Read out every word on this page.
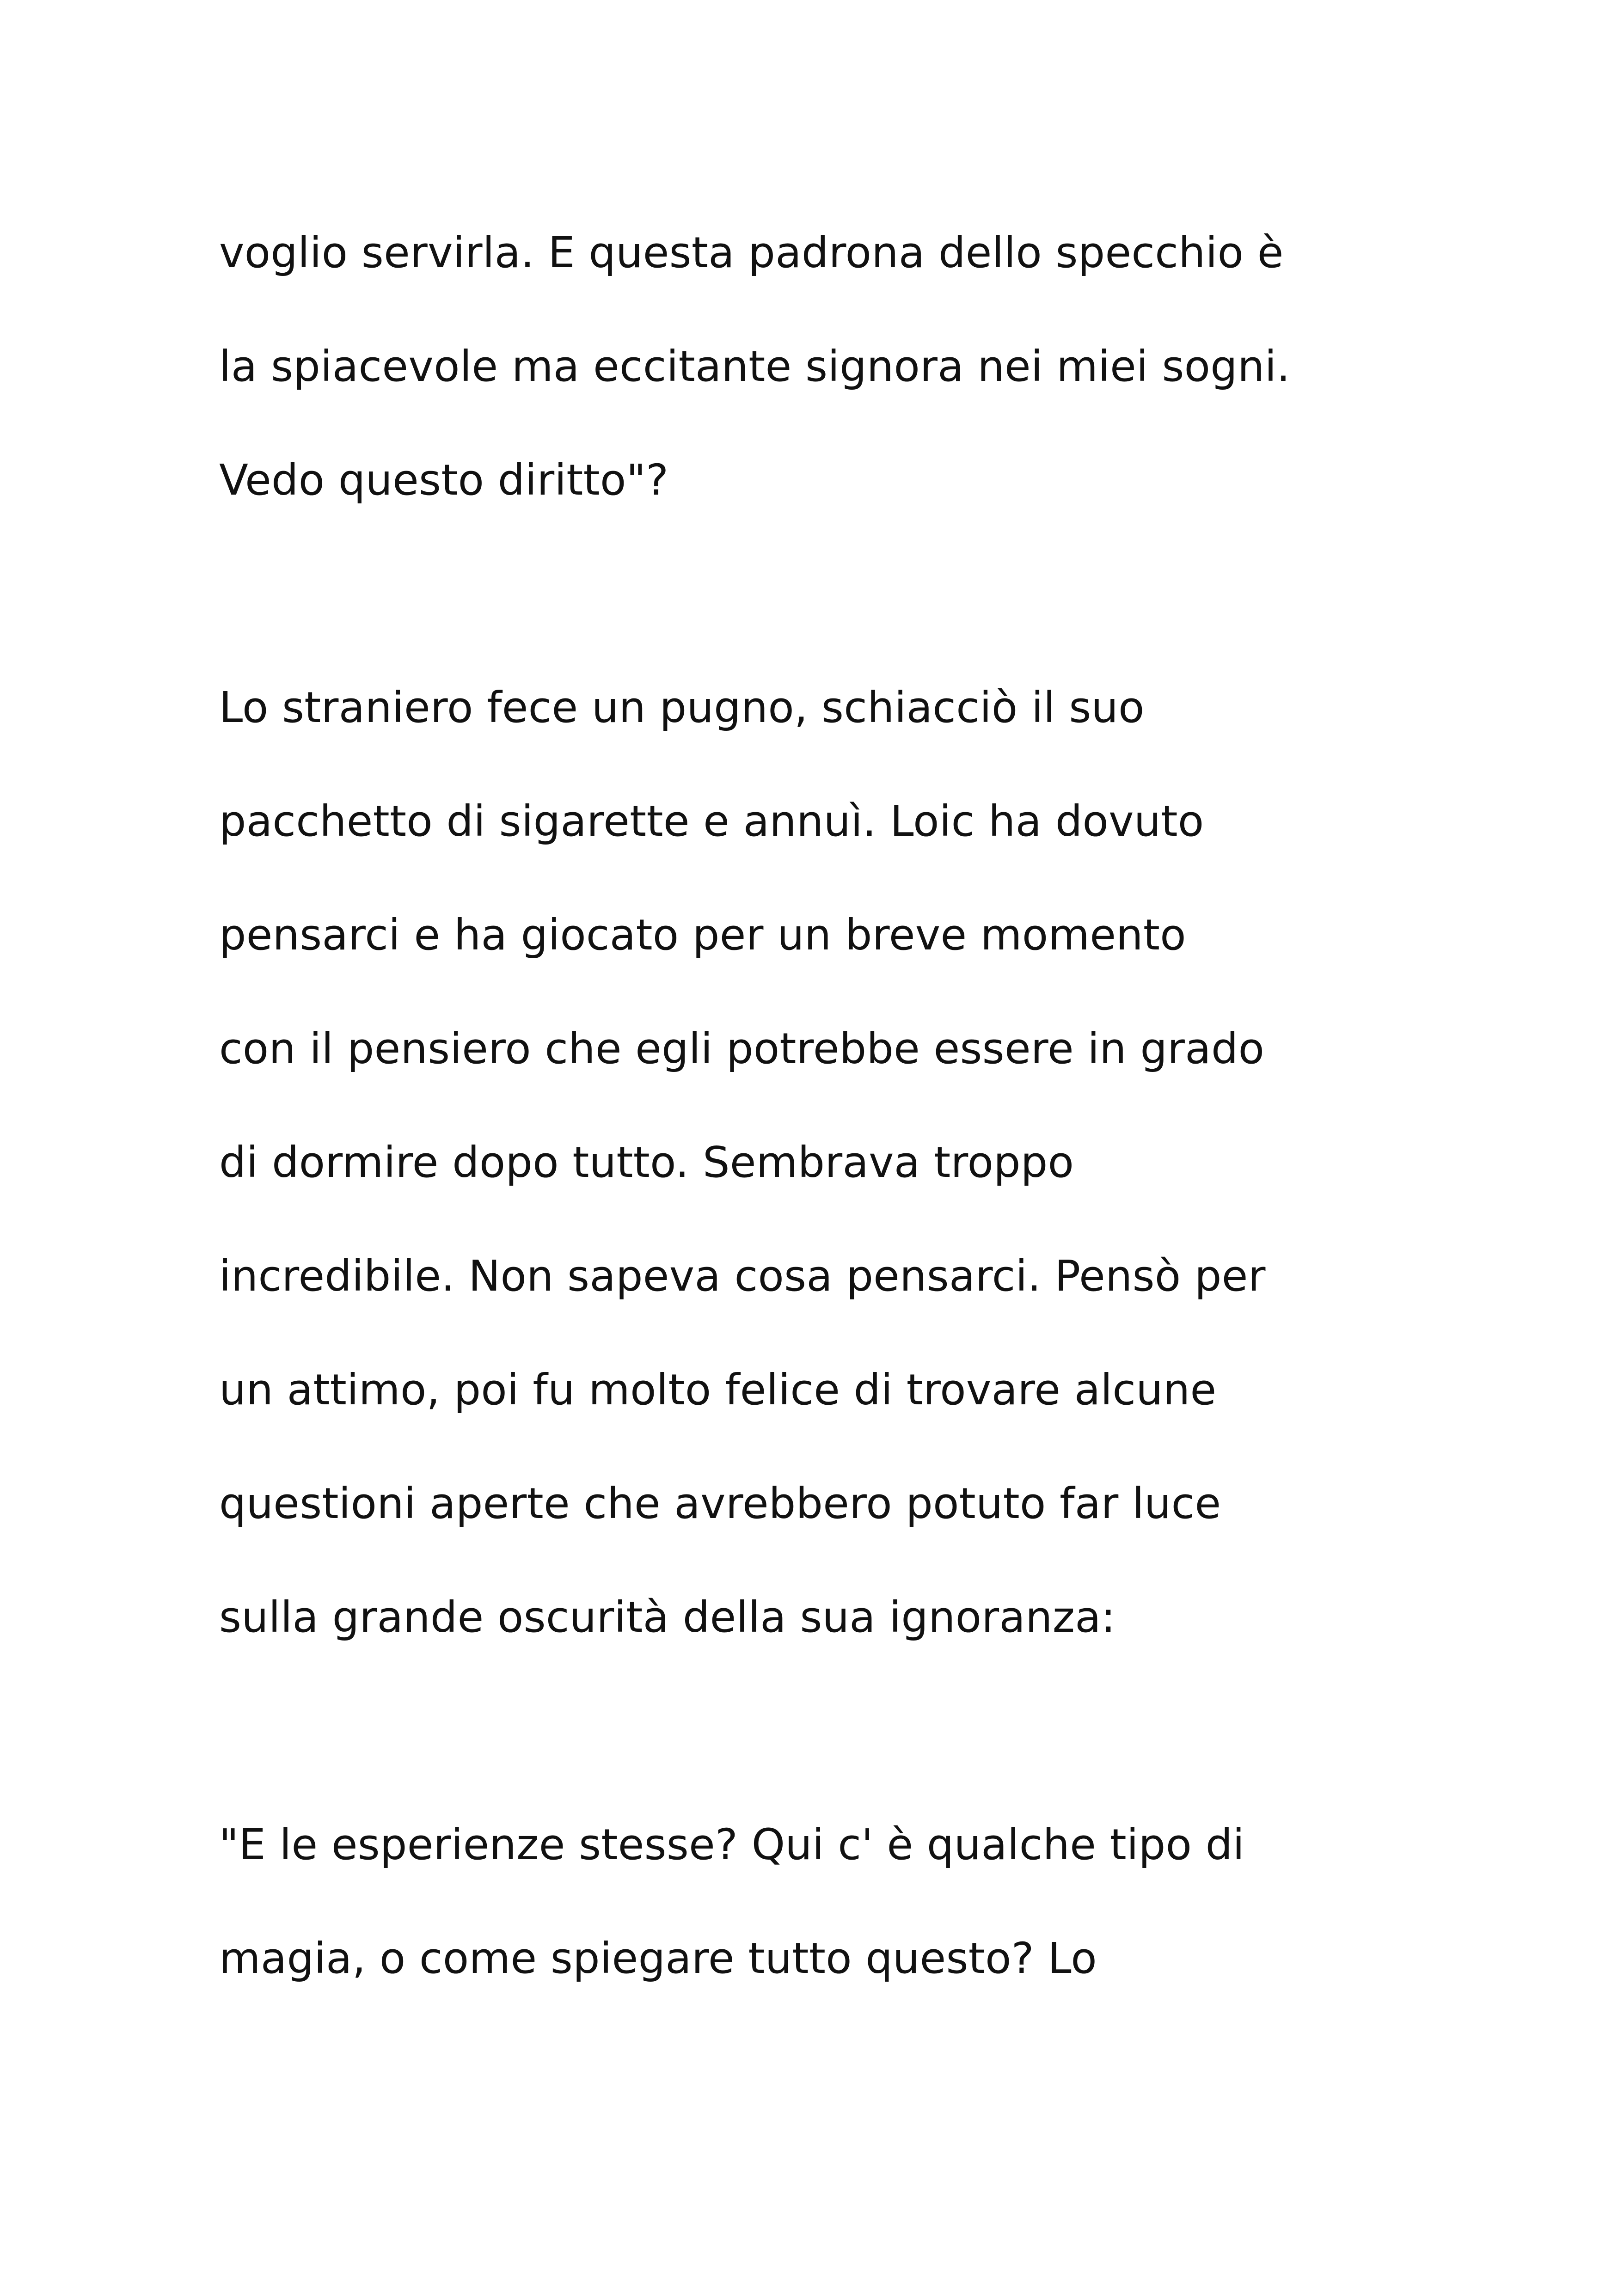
voglio servirla. E questa padrona dello specchio è
la spiacevole ma eccitante signora nei miei sogni.
Vedo questo diritto"?

Lo straniero fece un pugno, schiacciò il suo
pacchetto di sigarette e annuì. Loic ha dovuto
pensarci e ha giocato per un breve momento
con il pensiero che egli potrebbe essere in grado
di dormire dopo tutto. Sembrava troppo
incredibile. Non sapeva cosa pensarci. Pensò per
un attimo, poi fu molto felice di trovare alcune
questioni aperte che avrebbero potuto far luce
sulla grande oscurità della sua ignoranza:

"E le esperienze stesse? Qui c' è qualche tipo di
magia, o come spiegare tutto questo? Lo
